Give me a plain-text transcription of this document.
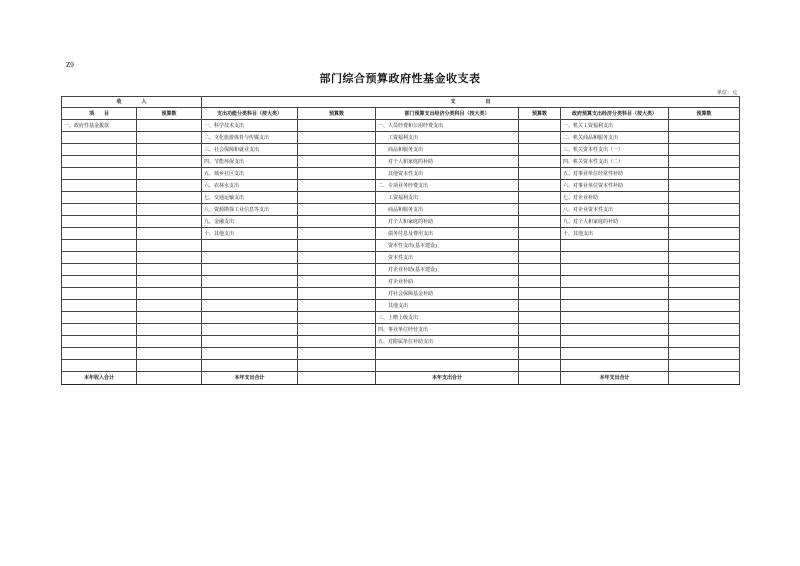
Z9
部门综合预算政府性基金收支表
单位：元
收　　　　入		支　　　　　　出					
项　　目	预算数	支出功能分类科目（按大类）	预算数	部门预算支出经济分类科目（按大类）	预算数	政府预算支出经济分类科目（按大类）	预算数
一、政府性基金拨款		一、科学技术支出		一、人员经费和公用经费支出		一、机关工资福利支出	
		二、文化旅游体育与传媒支出		工资福利支出		二、机关商品和服务支出	
		三、社会保障和就业支出		商品和服务支出		三、机关资本性支出（一）	
		四、节能环保支出		对个人和家庭的补助		四、机关资本性支出（二）	
		五、城乡社区支出		其他资本性支出		五、对事业单位经常性补助	
		六、农林水支出		二、专项业务经费支出		六、对事业单位资本性补助	
		七、交通运输支出		工资福利支出		七、对企业补助	
		八、资源勘探工业信息等支出		商品和服务支出		八、对企业资本性支出	
		九、金融支出		对个人和家庭的补助		九、对个人和家庭的补助	
		十、其他支出		债务付息及费用支出		十、其他支出	
				资本性支出(基本建设)			
				资本性支出			
				对企业补助(基本建设)			
				对企业补助			
				对社会保障基金补助			
				其他支出			
				三、上缴上级支出			
				四、事业单位经营支出			
				五、对附属单位补助支出			

本年收入合计		本年支出合计		本年支出合计		本年支出合计	
